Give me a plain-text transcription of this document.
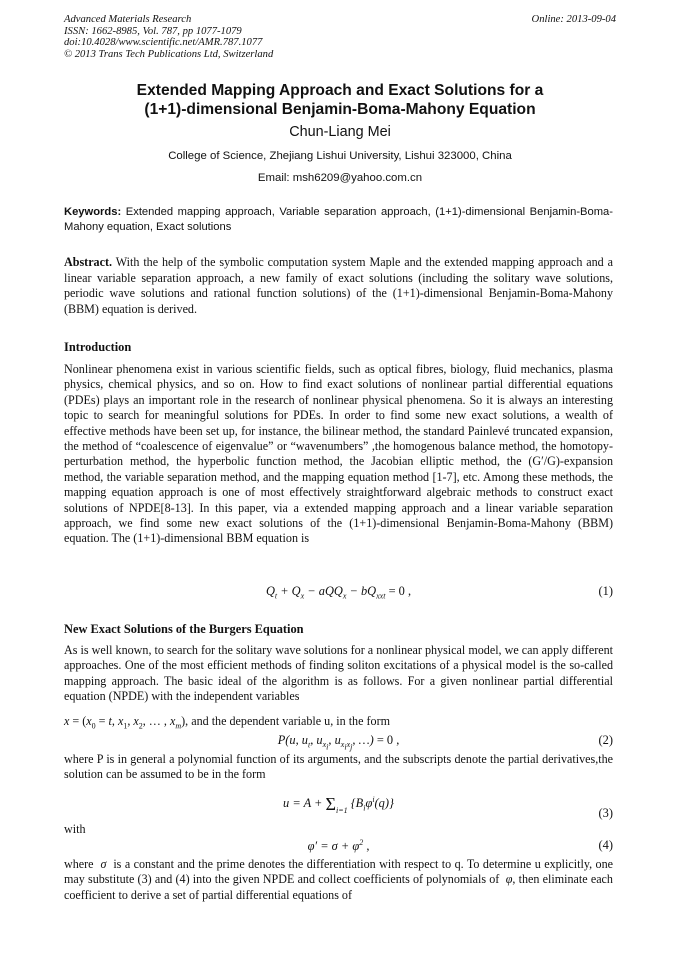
Advanced Materials Research
ISSN: 1662-8985, Vol. 787, pp 1077-1079
doi:10.4028/www.scientific.net/AMR.787.1077
© 2013 Trans Tech Publications Ltd, Switzerland
Online: 2013-09-04
Extended Mapping Approach and Exact Solutions for a
(1+1)-dimensional Benjamin-Boma-Mahony Equation
Chun-Liang Mei
College of Science, Zhejiang Lishui University, Lishui 323000, China
Email: msh6209@yahoo.com.cn
Keywords: Extended mapping approach, Variable separation approach, (1+1)-dimensional Benjamin-Boma-Mahony equation, Exact solutions
Abstract. With the help of the symbolic computation system Maple and the extended mapping approach and a linear variable separation approach, a new family of exact solutions (including the solitary wave solutions, periodic wave solutions and rational function solutions) of the (1+1)-dimensional Benjamin-Boma-Mahony (BBM) equation is derived.
Introduction
Nonlinear phenomena exist in various scientific fields, such as optical fibres, biology, fluid mechanics, plasma physics, chemical physics, and so on. How to find exact solutions of nonlinear partial differential equations (PDEs) plays an important role in the research of nonlinear physical phenomena. So it is always an interesting topic to search for meaningful solutions for PDEs. In order to find some new exact solutions, a wealth of effective methods have been set up, for instance, the bilinear method, the standard Painlevé truncated expansion, the method of “coalescence of eigenvalue” or “wavenumbers” ,the homogenous balance method, the homotopy-perturbation method, the hyperbolic function method, the Jacobian elliptic method, the (G′/G)-expansion method, the variable separation method, and the mapping equation method [1-7], etc. Among these methods, the mapping equation approach is one of most effectively straightforward algebraic methods to construct exact solutions of NPDE[8-13]. In this paper, via a extended mapping approach and a linear variable separation approach, we find some new exact solutions of the (1+1)-dimensional Benjamin-Boma-Mahony (BBM) equation. The (1+1)-dimensional BBM equation is
$Q_t + Q_x - aQQ_x - bQ_{xxt} = 0$ ,	(1)
New Exact Solutions of the Burgers Equation
As is well known, to search for the solitary wave solutions for a nonlinear physical model, we can apply different approaches. One of the most efficient methods of finding soliton excitations of a physical model is the so-called mapping approach. The basic ideal of the algorithm is as follows. For a given nonlinear partial differential equation (NPDE) with the independent variables
$x = (x_0 = t$, $x_1$, $x_2$, … , $x_m$), and the dependent variable u, in the form
P(u, $u_t$, $u_{x_i}$, $u_{x_ix_j}$, …) = 0 ,	(2)
where P is in general a polynomial function of its arguments, and the subscripts denote the partial derivatives,the solution can be assumed to be in the form
$u = A + \Sigma_{i=1}$ $\{B_i\varphi^i(q)\}$
(3)
with
$\varphi' = \sigma + \varphi^2$ ,	(4)
where  σ  is a constant and the prime denotes the differentiation with respect to q. To determine u explicitly, one may substitute (3) and (4) into the given NPDE and collect coefficients of polynomials of  φ, then eliminate each coefficient to derive a set of partial differential equations of
